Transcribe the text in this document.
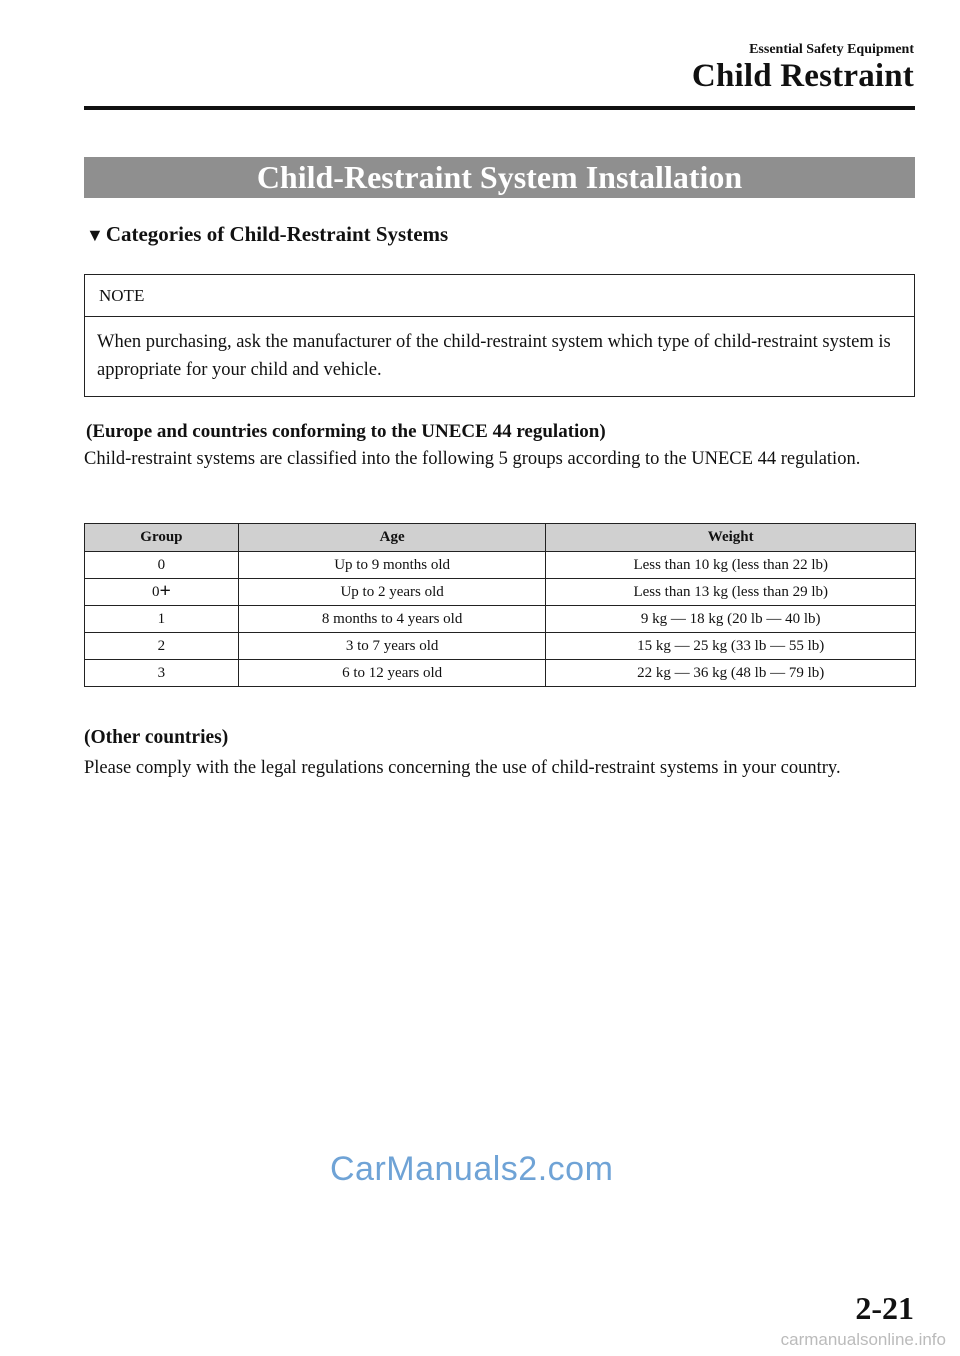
Essential Safety Equipment
Child Restraint
Child-Restraint System Installation
▼Categories of Child-Restraint Systems
NOTE
When purchasing, ask the manufacturer of the child-restraint system which type of child-restraint system is appropriate for your child and vehicle.
(Europe and countries conforming to the UNECE 44 regulation)
Child-restraint systems are classified into the following 5 groups according to the UNECE 44 regulation.
Group	Age	Weight
0	Up to 9 months old	Less than 10 kg (less than 22 lb)
0+	Up to 2 years old	Less than 13 kg (less than 29 lb)
1	8 months to 4 years old	9 kg — 18 kg (20 lb — 40 lb)
2	3 to 7 years old	15 kg — 25 kg (33 lb — 55 lb)
3	6 to 12 years old	22 kg — 36 kg (48 lb — 79 lb)
(Other countries)
Please comply with the legal regulations concerning the use of child-restraint systems in your country.
CarManuals2.com
2-21
carmanualsonline.info
